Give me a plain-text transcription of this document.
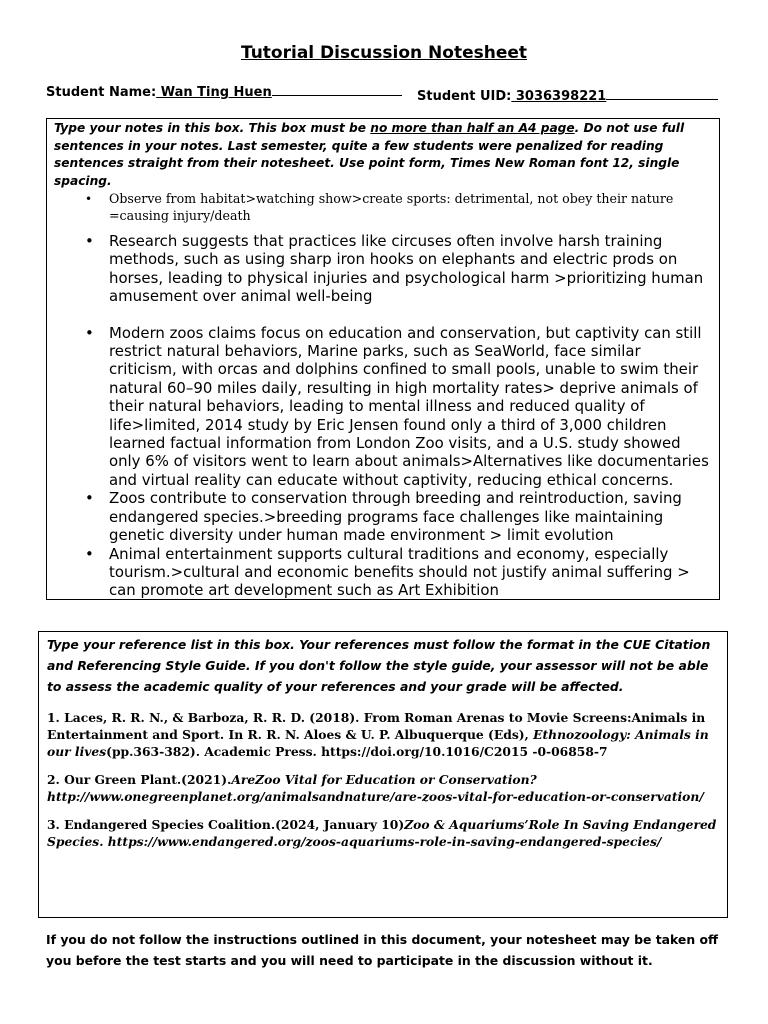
Tutorial Discussion Notesheet
Student Name: Wan Ting Huen	Student UID: 3036398221

Type your notes in this box. This box must be no more than half an A4 page. Do not use full sentences in your notes. Last semester, quite a few students were penalized for reading sentences straight from their notesheet. Use point form, Times New Roman font 12, single spacing.

• Observe from habitat>watching show>create sports: detrimental, not obey their nature =causing injury/death
• Research suggests that practices like circuses often involve harsh training methods, such as using sharp iron hooks on elephants and electric prods on horses, leading to physical injuries and psychological harm >prioritizing human amusement over animal well-being
• Modern zoos claims focus on education and conservation, but captivity can still restrict natural behaviors, Marine parks, such as SeaWorld, face similar criticism, with orcas and dolphins confined to small pools, unable to swim their natural 60–90 miles daily, resulting in high mortality rates> deprive animals of their natural behaviors, leading to mental illness and reduced quality of life>limited, 2014 study by Eric Jensen found only a third of 3,000 children learned factual information from London Zoo visits, and a U.S. study showed only 6% of visitors went to learn about animals>Alternatives like documentaries and virtual reality can educate without captivity, reducing ethical concerns.
• Zoos contribute to conservation through breeding and reintroduction, saving endangered species.>breeding programs face challenges like maintaining genetic diversity under human made environment > limit evolution
• Animal entertainment supports cultural traditions and economy, especially tourism.>cultural and economic benefits should not justify animal suffering > can promote art development such as Art Exhibition

Type your reference list in this box. Your references must follow the format in the CUE Citation and Referencing Style Guide. If you don't follow the style guide, your assessor will not be able to assess the academic quality of your references and your grade will be affected.

1. Laces, R. R. N., & Barboza, R. R. D. (2018). From Roman Arenas to Movie Screens:Animals in Entertainment and Sport. In R. R. N. Aloes & U. P. Albuquerque (Eds), Ethnozoology: Animals in our lives(pp.363-382). Academic Press. https://doi.org/10.1016/C2015 -0-06858-7

2. Our Green Plant.(2021).AreZoo Vital for Education or Conservation? http://www.onegreenplanet.org/animalsandnature/are-zoos-vital-for-education-or-conservation/

3. Endangered Species Coalition.(2024, January 10)Zoo & Aquariums’Role In Saving Endangered Species. https://www.endangered.org/zoos-aquariums-role-in-saving-endangered-species/

If you do not follow the instructions outlined in this document, your notesheet may be taken off you before the test starts and you will need to participate in the discussion without it.
